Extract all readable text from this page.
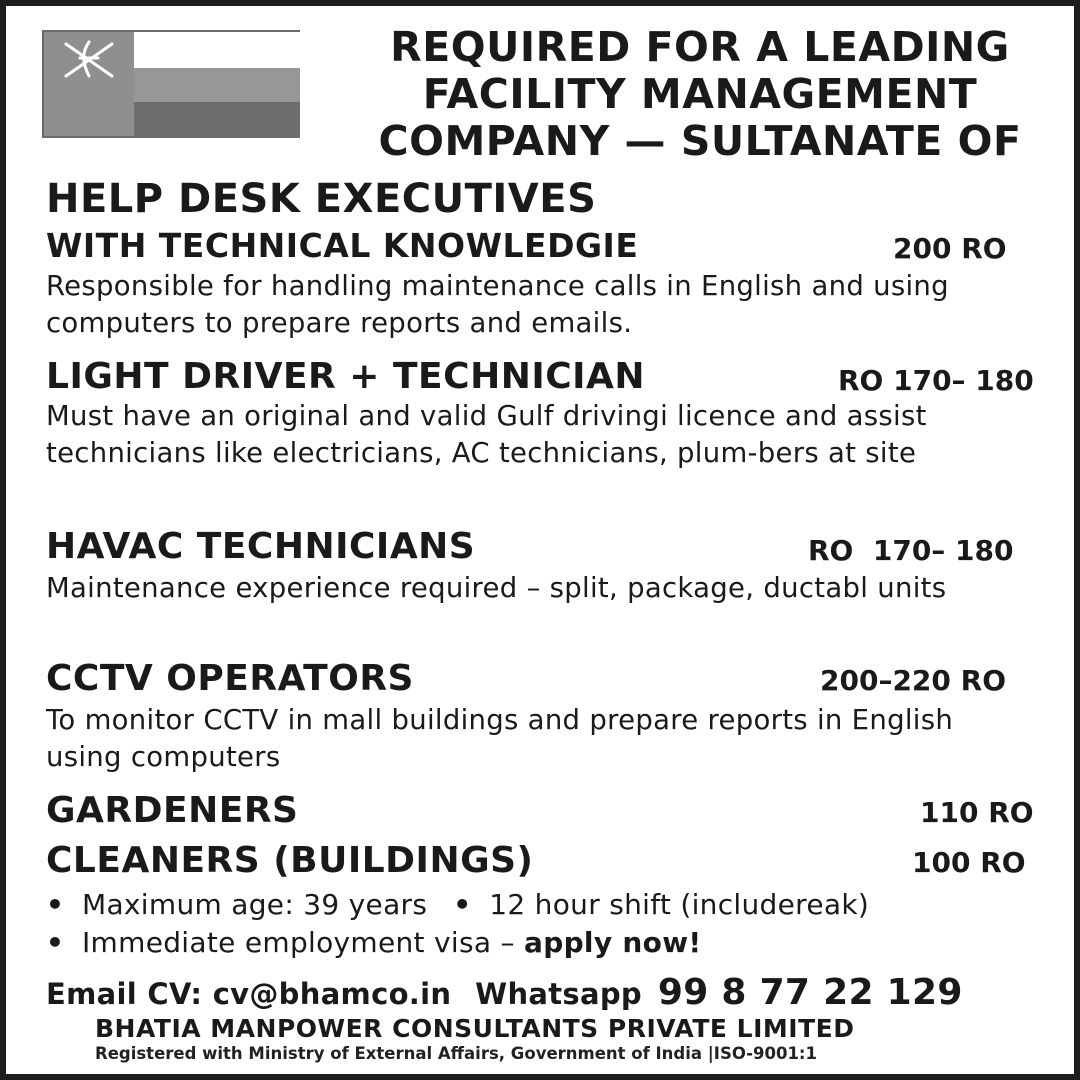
REQUIRED FOR A LEADING
FACILITY MANAGEMENT
COMPANY — SULTANATE OF
HELP DESK EXECUTIVES
WITH TECHNICAL KNOWLEDGIE	200 RO

Responsible for handling maintenance calls in English and using computers to prepare reports and emails.

LIGHT DRIVER + TECHNICIAN	RO 170– 180

Must have an original and valid Gulf drivingi licence and assist technicians like electricians, AC technicians, plum-bers at site

HAVAC TECHNICIANS	RO  170– 180

Maintenance experience required – split, package, ductabl units

CCTV OPERATORS	200–220 RO

To monitor CCTV in mall buildings and prepare reports in English using computers

GARDENERS	110 RO
CLEANERS (BUILDINGS)	100 RO
• Maximum age: 39 years • 12 hour shift (includereak)
• Immediate employment visa – apply now!
Email CV: cv@bhamco.in Whatsapp 99 8 77 22 129
BHATIA MANPOWER CONSULTANTS PRIVATE LIMITED
Registered with Ministry of External Affairs, Government of India |ISO-9001:1
